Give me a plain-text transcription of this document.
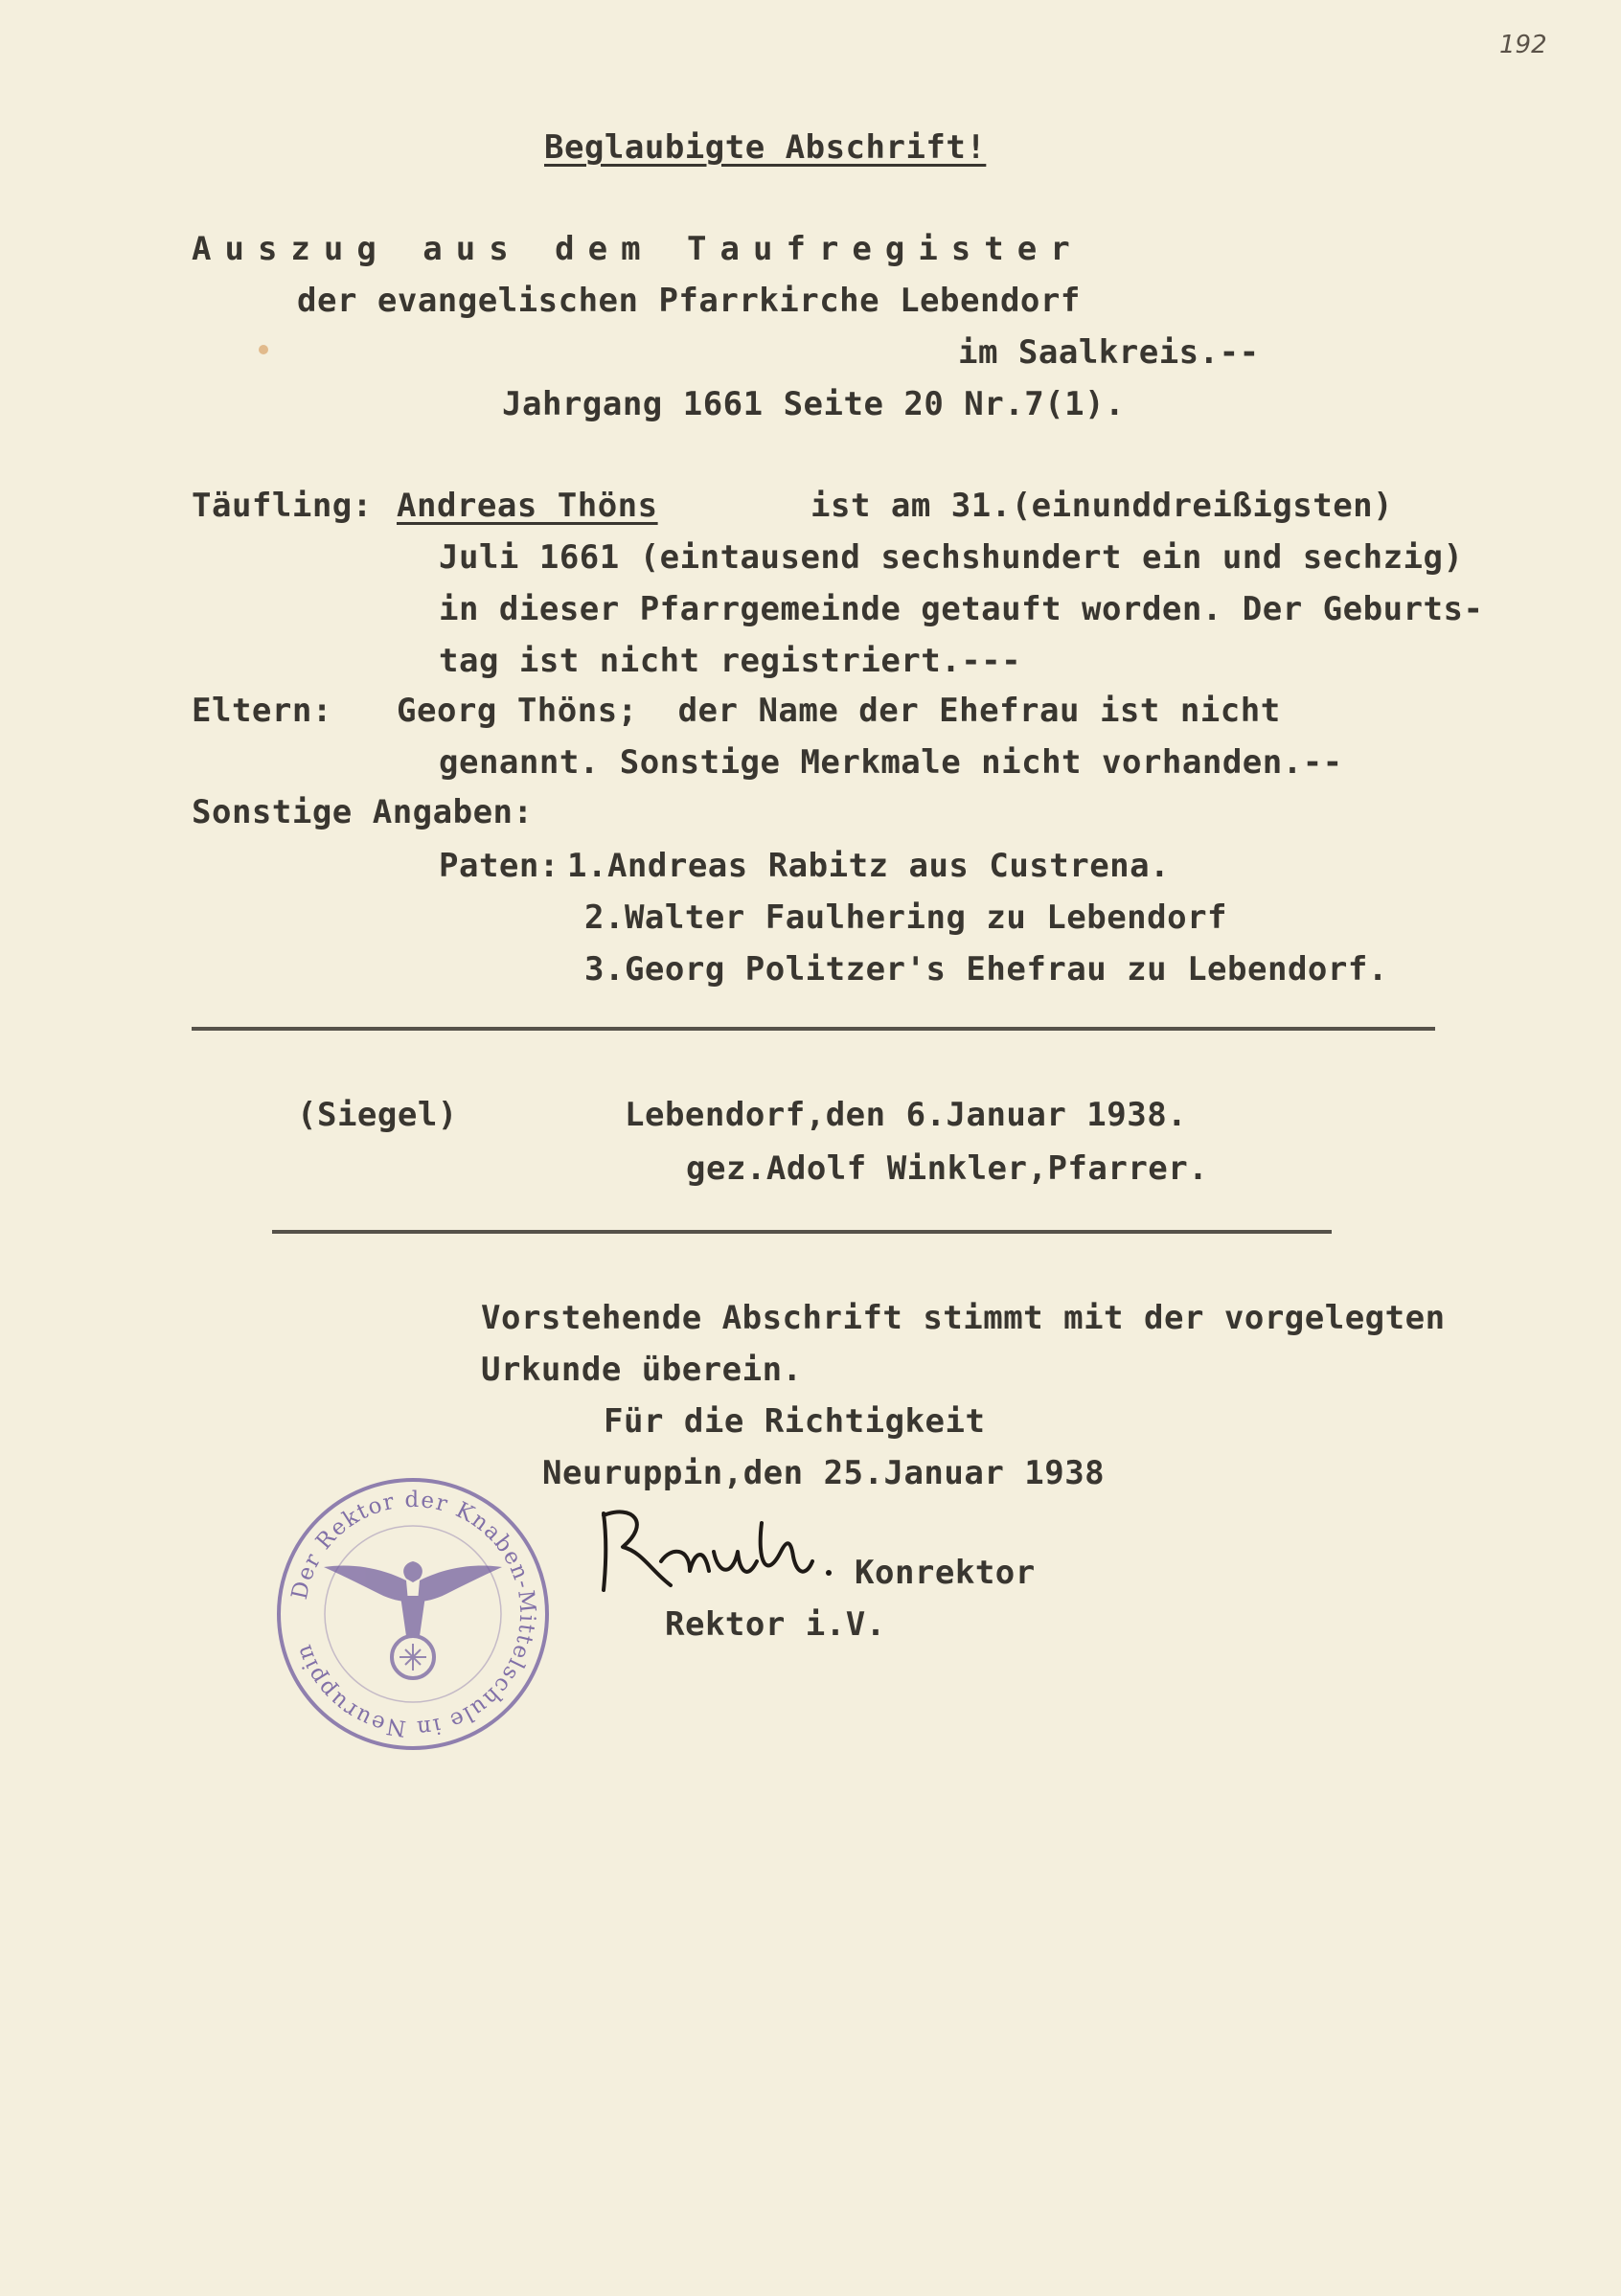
192
Beglaubigte Abschrift!
Auszug aus dem Taufregister
der evangelischen Pfarrkirche Lebendorf
im Saalkreis.--
Jahrgang 1661 Seite 20 Nr.7(1).
Täufling: Andreas Thöns	ist am 31.(einunddreißigsten)
Juli 1661 (eintausend sechshundert ein und sechzig)
in dieser Pfarrgemeinde getauft worden. Der Geburts-
tag ist nicht registriert.---
Eltern: Georg Thöns;  der Name der Ehefrau ist nicht
genannt. Sonstige Merkmale nicht vorhanden.--
Sonstige Angaben:
Paten: 1.Andreas Rabitz aus Custrena.
2.Walter Faulhering zu Lebendorf
3.Georg Politzer's Ehefrau zu Lebendorf.
(Siegel)	Lebendorf,den 6.Januar 1938.
gez.Adolf Winkler,Pfarrer.
Vorstehende Abschrift stimmt mit der vorgelegten
Urkunde überein.
Für die Richtigkeit
Neuruppin,den 25.Januar 1938
Konrektor
Rektor i.V.
Der Rektor der Knaben-Mittelschule in Neuruppin
